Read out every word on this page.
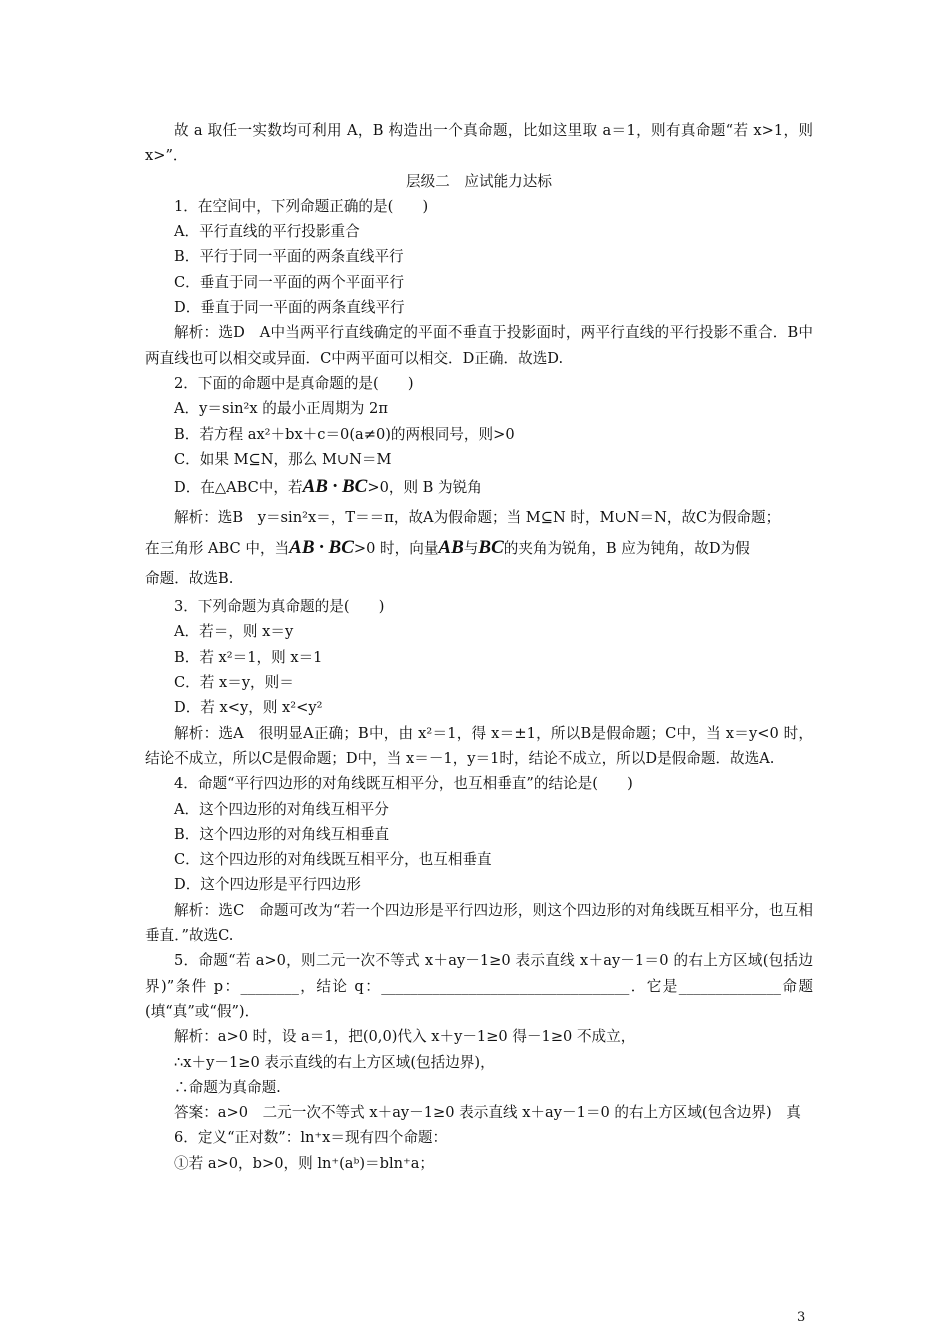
故 a 取任一实数均可利用 A，B 构造出一个真命题，比如这里取 a＝1，则有真命题“若 x>1，则 x>”．

层级二　应试能力达标

1．在空间中，下列命题正确的是(　　)

A．平行直线的平行投影重合

B．平行于同一平面的两条直线平行

C．垂直于同一平面的两个平面平行

D．垂直于同一平面的两条直线平行

解析：选D　A中当两平行直线确定的平面不垂直于投影面时，两平行直线的平行投影不重合．B中两直线也可以相交或异面．C中两平面可以相交．D正确．故选D.

2．下面的命题中是真命题的是(　　)

A．y＝sin²x 的最小正周期为 2π

B．若方程 ax²＋bx＋c＝0(a≠0)的两根同号，则>0

C．如果 M⊆N，那么 M∪N＝M

D．在△ABC中，若AB · BC>0，则 B 为锐角

解析：选B　y＝sin²x＝，T＝＝π，故A为假命题；当 M⊆N 时，M∪N＝N，故C为假命题；

在三角形 ABC 中，当AB · BC>0 时，向量AB与BC的夹角为锐角，B 应为钝角，故D为假

命题．故选B.

3．下列命题为真命题的是(　　)

A．若＝，则 x＝y

B．若 x²＝1，则 x＝1

C．若 x＝y，则＝

D．若 x<y，则 x²<y²

解析：选A　很明显A正确；B中，由 x²＝1，得 x＝±1，所以B是假命题；C中，当 x＝y<0 时，结论不成立，所以C是假命题；D中，当 x＝－1，y＝1时，结论不成立，所以D是假命题．故选A.

4．命题“平行四边形的对角线既互相平分，也互相垂直”的结论是(　　)

A．这个四边形的对角线互相平分

B．这个四边形的对角线互相垂直

C．这个四边形的对角线既互相平分，也互相垂直

D．这个四边形是平行四边形

解析：选C　命题可改为“若一个四边形是平行四边形，则这个四边形的对角线既互相平分，也互相垂直．”故选C.

5．命题“若 a>0，则二元一次不等式 x＋ay－1≥0 表示直线 x＋ay－1＝0 的右上方区域(包括边界)”条件 p：________，结论 q：__________________________________．它是______________命题(填“真”或“假”)．

解析：a>0 时，设 a＝1，把(0,0)代入 x＋y－1≥0 得－1≥0 不成立，

∴x＋y－1≥0 表示直线的右上方区域(包括边界)，

∴命题为真命题.

答案：a>0　二元一次不等式 x＋ay－1≥0 表示直线 x＋ay－1＝0 的右上方区域(包含边界)　真

6．定义“正对数”：ln⁺x＝现有四个命题：

①若 a>0，b>0，则 ln⁺(aᵇ)＝bln⁺a；

3
